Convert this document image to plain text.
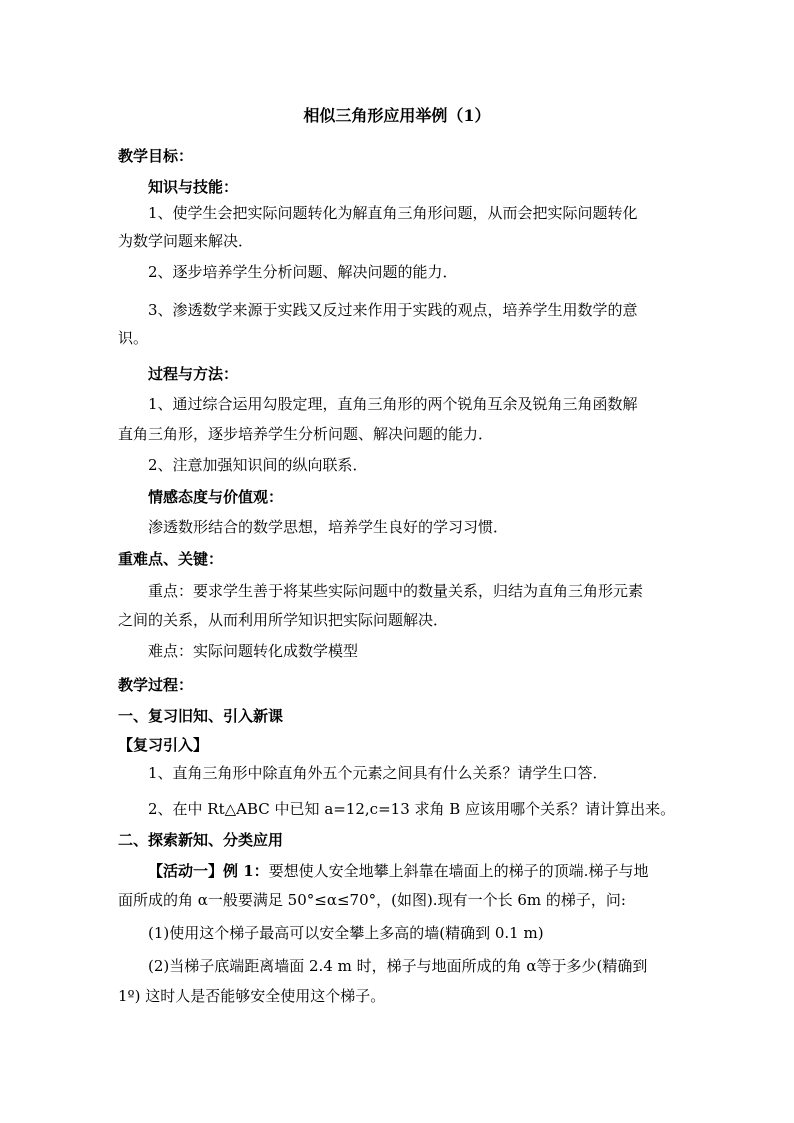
相似三角形应用举例（1）
教学目标：
知识与技能：
1、使学生会把实际问题转化为解直角三角形问题，从而会把实际问题转化
为数学问题来解决．
2、逐步培养学生分析问题、解决问题的能力．
3、渗透数学来源于实践又反过来作用于实践的观点，培养学生用数学的意
识。
过程与方法：
1、通过综合运用勾股定理，直角三角形的两个锐角互余及锐角三角函数解
直角三角形，逐步培养学生分析问题、解决问题的能力．
2、注意加强知识间的纵向联系．
情感态度与价值观：
渗透数形结合的数学思想，培养学生良好的学习习惯．
重难点、关键：
重点：要求学生善于将某些实际问题中的数量关系，归结为直角三角形元素
之间的关系，从而利用所学知识把实际问题解决．
难点：实际问题转化成数学模型
教学过程：
一、复习旧知、引入新课
【复习引入】
1、直角三角形中除直角外五个元素之间具有什么关系？请学生口答．
2、在中 Rt△ABC 中已知 a=12,c=13 求角 B 应该用哪个关系？请计算出来。
二、探索新知、分类应用
【活动一】例 1：要想使人安全地攀上斜靠在墙面上的梯子的顶端.梯子与地
面所成的角 α一般要满足 50°≤α≤70°，(如图).现有一个长 6m 的梯子，问:
(1)使用这个梯子最高可以安全攀上多高的墙(精确到 0.1 m)
(2)当梯子底端距离墙面 2.4 m 时，梯子与地面所成的角 α等于多少(精确到
1º) 这时人是否能够安全使用这个梯子。
